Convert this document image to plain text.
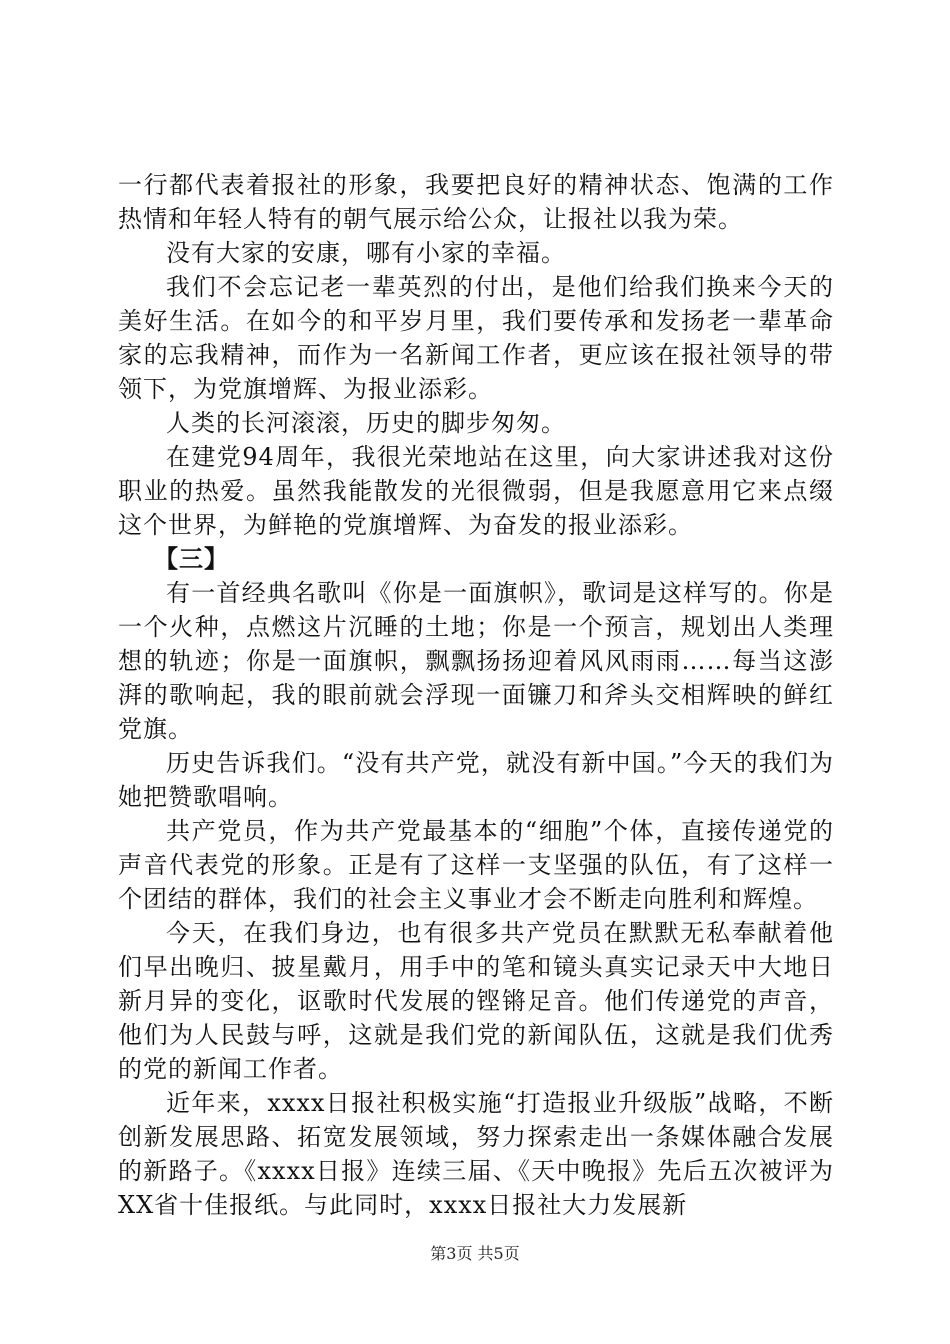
一行都代表着报社的形象，我要把良好的精神状态、饱满的工作热情和年轻人特有的朝气展示给公众，让报社以我为荣。

没有大家的安康，哪有小家的幸福。

我们不会忘记老一辈英烈的付出，是他们给我们换来今天的美好生活。在如今的和平岁月里，我们要传承和发扬老一辈革命家的忘我精神，而作为一名新闻工作者，更应该在报社领导的带领下，为党旗增辉、为报业添彩。

人类的长河滚滚，历史的脚步匆匆。

在建党94周年，我很光荣地站在这里，向大家讲述我对这份职业的热爱。虽然我能散发的光很微弱，但是我愿意用它来点缀这个世界，为鲜艳的党旗增辉、为奋发的报业添彩。

【三】

有一首经典名歌叫《你是一面旗帜》，歌词是这样写的。你是一个火种，点燃这片沉睡的土地；你是一个预言，规划出人类理想的轨迹；你是一面旗帜，飘飘扬扬迎着风风雨雨……每当这澎湃的歌响起，我的眼前就会浮现一面镰刀和斧头交相辉映的鲜红党旗。

历史告诉我们。“没有共产党，就没有新中国。”今天的我们为她把赞歌唱响。

共产党员，作为共产党最基本的“细胞”个体，直接传递党的声音代表党的形象。正是有了这样一支坚强的队伍，有了这样一个团结的群体，我们的社会主义事业才会不断走向胜利和辉煌。

今天，在我们身边，也有很多共产党员在默默无私奉献着他们早出晚归、披星戴月，用手中的笔和镜头真实记录天中大地日新月异的变化，讴歌时代发展的铿锵足音。他们传递党的声音，他们为人民鼓与呼，这就是我们党的新闻队伍，这就是我们优秀的党的新闻工作者。

近年来，xxxx日报社积极实施“打造报业升级版”战略，不断创新发展思路、拓宽发展领域，努力探索走出一条媒体融合发展的新路子。《xxxx日报》连续三届、《天中晚报》先后五次被评为XX省十佳报纸。与此同时，xxxx日报社大力发展新

第3页 共5页
